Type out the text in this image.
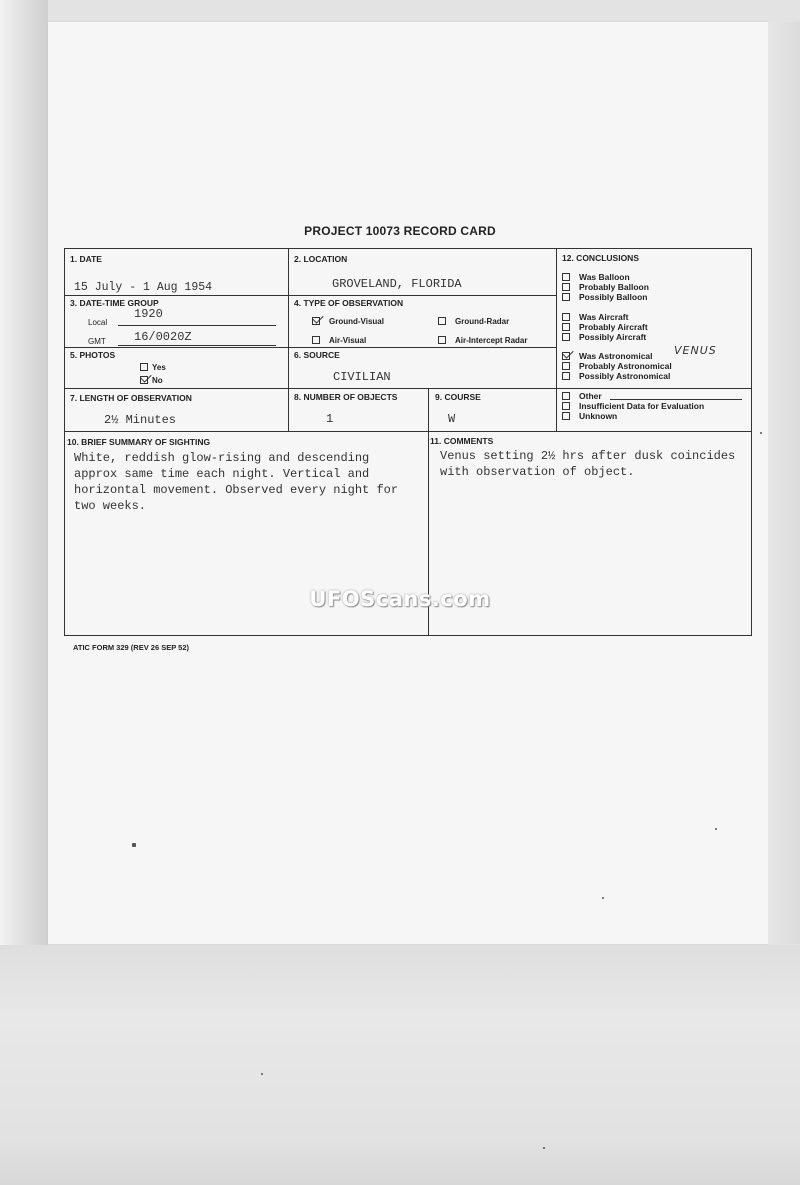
PROJECT 10073 RECORD CARD
1. DATE
15 July - 1 Aug 1954
2. LOCATION
GROVELAND, FLORIDA
3. DATE-TIME GROUP
Local
1920
GMT 16/0020Z
4. TYPE OF OBSERVATION
Ground-Visual	Ground-Radar
Air-Visual	Air-Intercept Radar
5. PHOTOS
Yes
No
6. SOURCE
CIVILIAN
7. LENGTH OF OBSERVATION
2½ Minutes
8. NUMBER OF OBJECTS
1
9. COURSE
W
10. BRIEF SUMMARY OF SIGHTING
White, reddish glow-rising and descending
approx same time each night. Vertical and
horizontal movement. Observed every night for
two weeks.
11. COMMENTS
Venus setting 2½ hrs after dusk coincides
with observation of object.
12. CONCLUSIONS
Was Balloon
Probably Balloon
Possibly Balloon
Was Aircraft
Probably Aircraft
Possibly Aircraft
Was Astronomical VENUS
Probably Astronomical
Possibly Astronomical
Other
Insufficient Data for Evaluation
Unknown
UFOScans.com
ATIC FORM 329 (REV 26 SEP 52)
